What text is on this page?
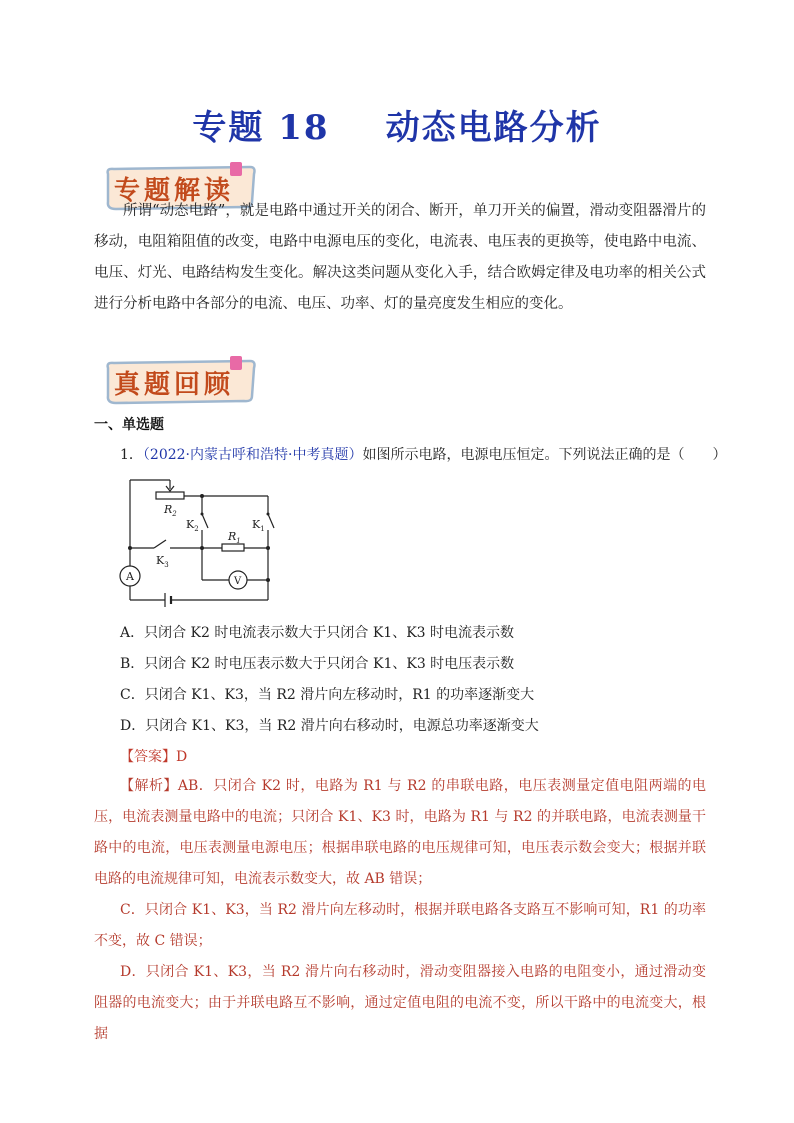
专题 18 动态电路分析
专题解读
所谓“动态电路”，就是电路中通过开关的闭合、断开，单刀开关的偏置，滑动变阻器滑片的移动，电阻箱阻值的改变，电路中电源电压的变化，电流表、电压表的更换等，使电路中电流、电压、灯光、电路结构发生变化。解决这类问题从变化入手，结合欧姆定律及电功率的相关公式进行分析电路中各部分的电流、电压、功率、灯的量亮度发生相应的变化。
真题回顾
一、单选题
1．（2022·内蒙古呼和浩特·中考真题）如图所示电路，电源电压恒定。下列说法正确的是（　　）
$R_2$
$R_1$
$K_2$	$K_1$
$K_3$
A	V
A．只闭合 K2 时电流表示数大于只闭合 K1、K3 时电流表示数
B．只闭合 K2 时电压表示数大于只闭合 K1、K3 时电压表示数
C．只闭合 K1、K3，当 R2 滑片向左移动时，R1 的功率逐渐变大
D．只闭合 K1、K3，当 R2 滑片向右移动时，电源总功率逐渐变大
【答案】D
【解析】AB．只闭合 K2 时，电路为 R1 与 R2 的串联电路，电压表测量定值电阻两端的电压，电流表测量电路中的电流；只闭合 K1、K3 时，电路为 R1 与 R2 的并联电路，电流表测量干路中的电流，电压表测量电源电压；根据串联电路的电压规律可知，电压表示数会变大；根据并联电路的电流规律可知，电流表示数变大，故 AB 错误；
C．只闭合 K1、K3，当 R2 滑片向左移动时，根据并联电路各支路互不影响可知，R1 的功率不变，故 C 错误；
D．只闭合 K1、K3，当 R2 滑片向右移动时，滑动变阻器接入电路的电阻变小，通过滑动变阻器的电流变大；由于并联电路互不影响，通过定值电阻的电流不变，所以干路中的电流变大，根据
